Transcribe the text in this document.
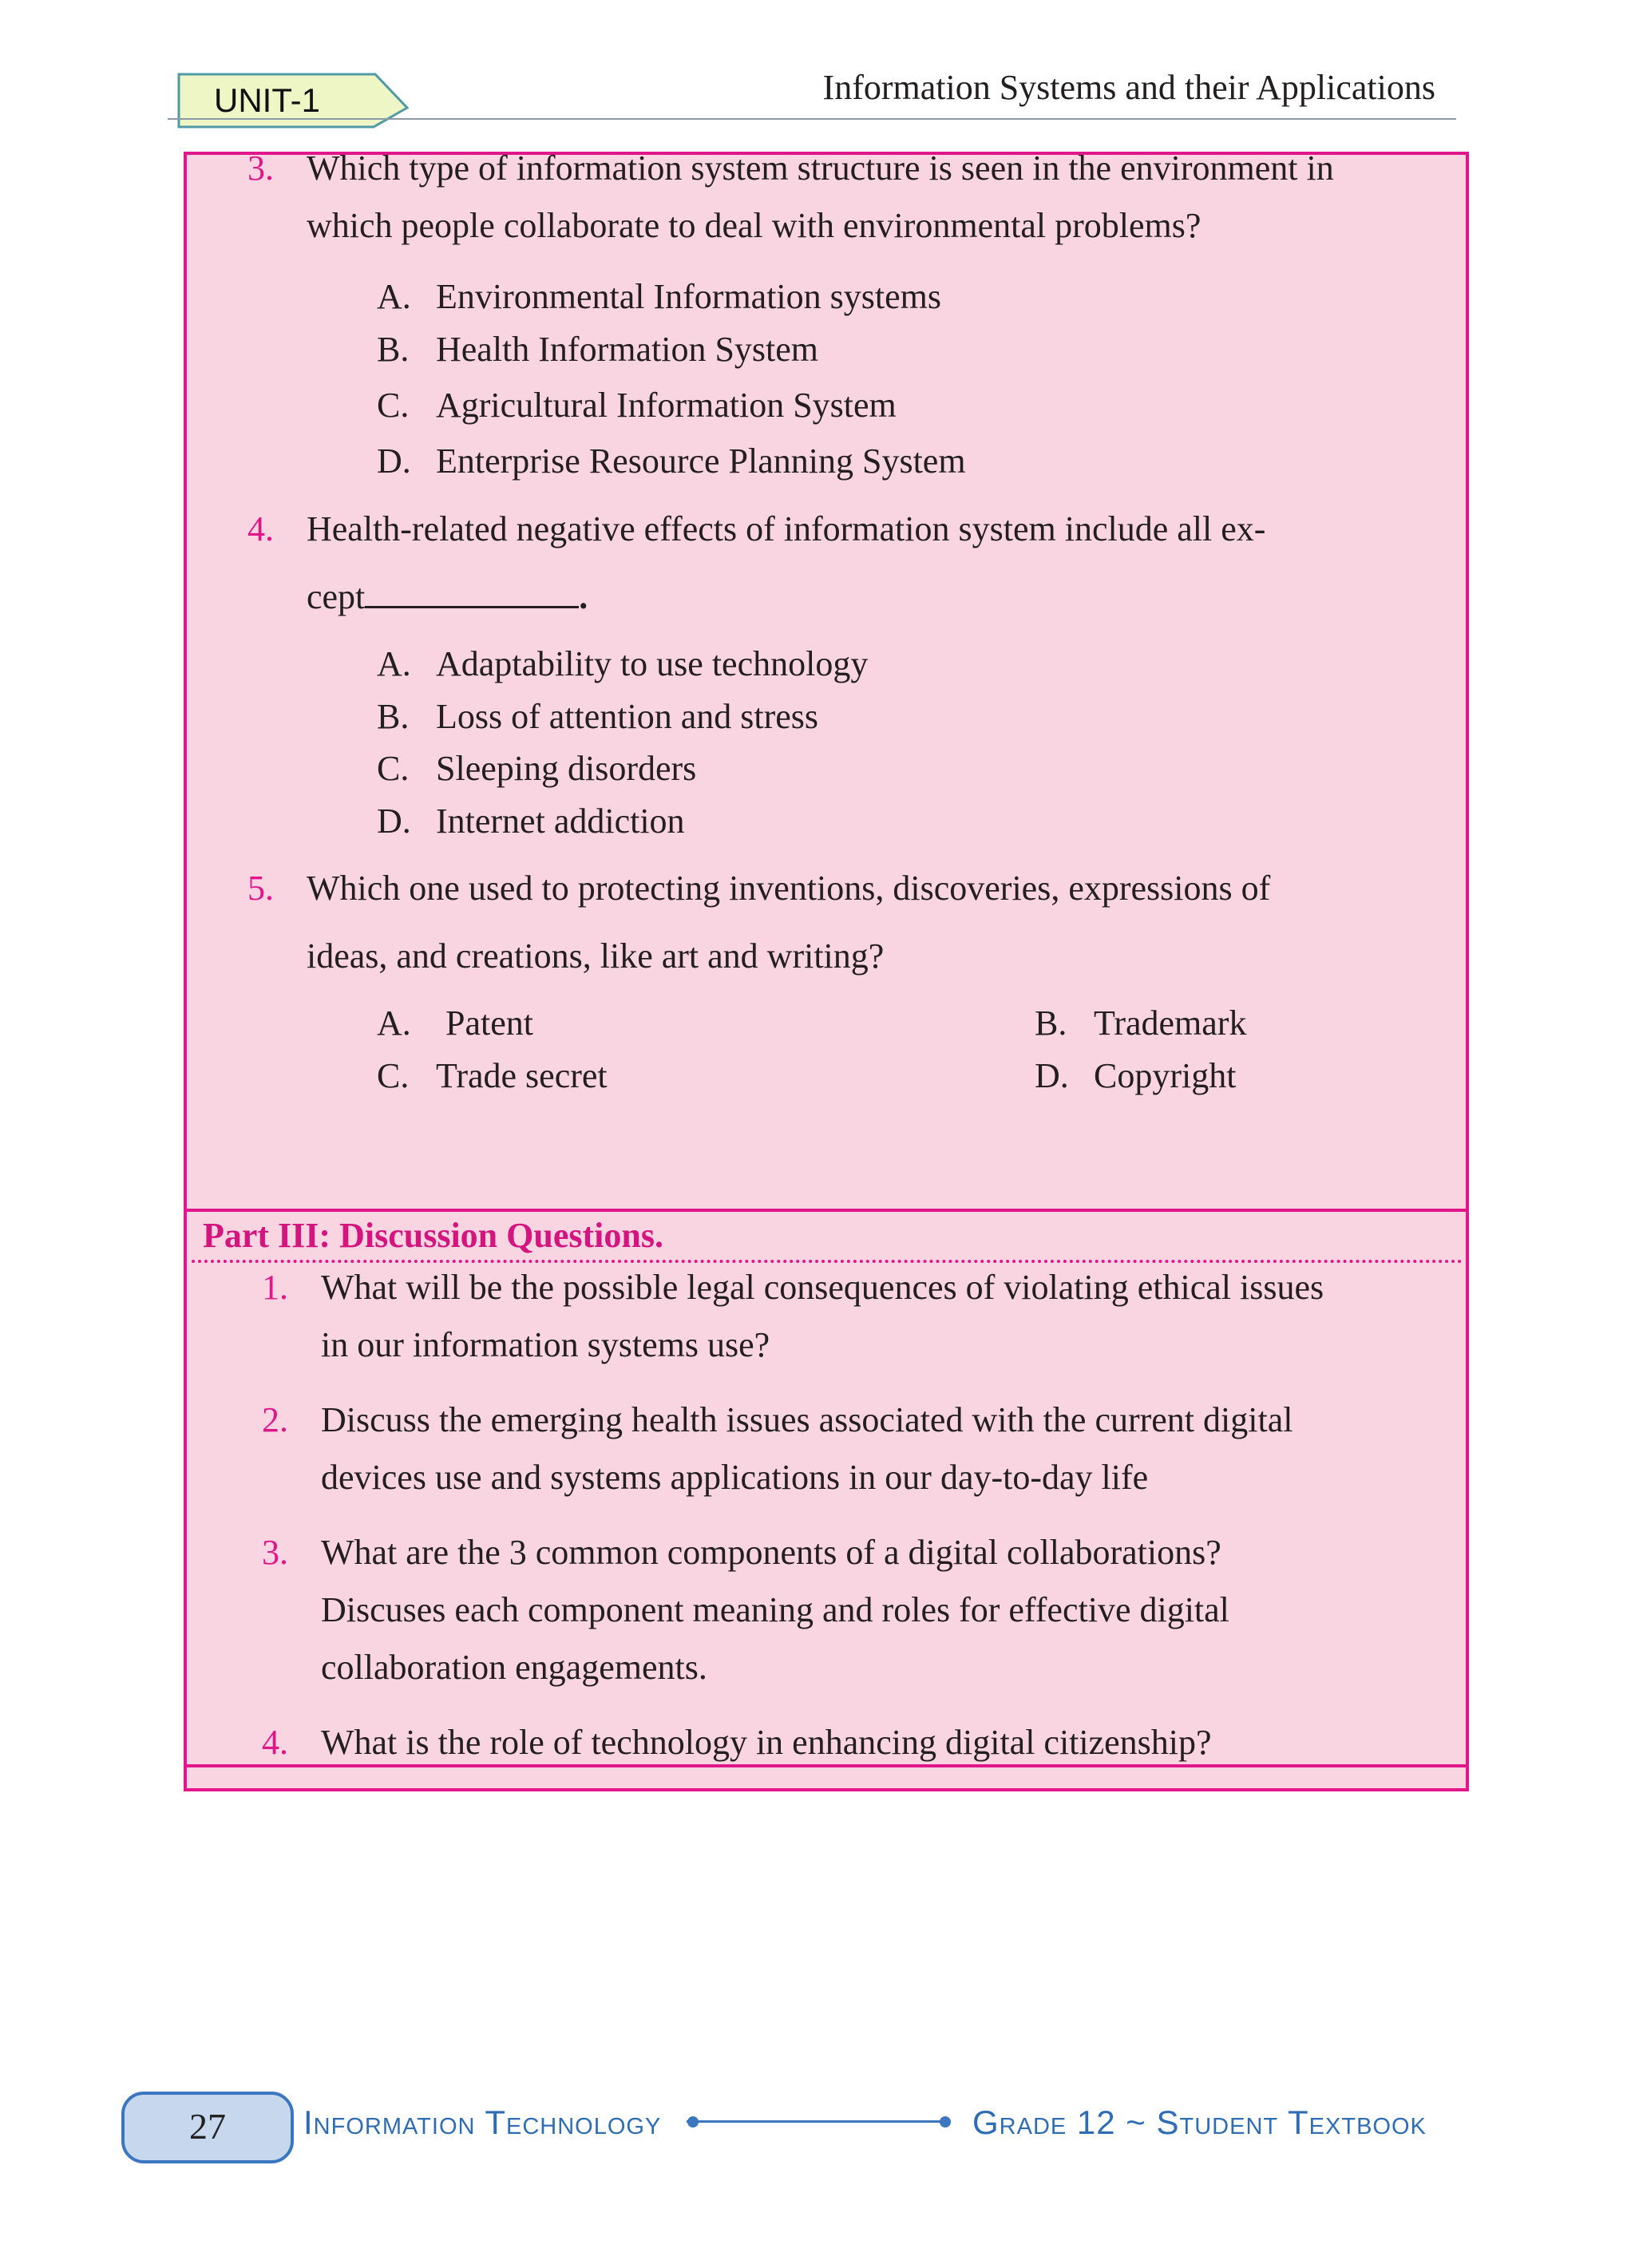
UNIT-1	Information Systems and their Applications
3. Which type of information system structure is seen in the environment in
which people collaborate to deal with environmental problems?
A. Environmental Information systems
B. Health Information System
C. Agricultural Information System
D. Enterprise Resource Planning System
4. Health-related negative effects of information system include all ex-
cept	.
A. Adaptability to use technology
B. Loss of attention and stress
C. Sleeping disorders
D. Internet addiction
5. Which one used to protecting inventions, discoveries, expressions of
ideas, and creations, like art and writing?
A. Patent	B. Trademark
C. Trade secret	D. Copyright
Part III: Discussion Questions.
1. What will be the possible legal consequences of violating ethical issues
in our information systems use?
2. Discuss the emerging health issues associated with the current digital
devices use and systems applications in our day-to-day life
3. What are the 3 common components of a digital collaborations?
Discuses each component meaning and roles for effective digital
collaboration engagements.
4. What is the role of technology in enhancing digital citizenship?
27	Information Technology	Grade 12 ~ Student Textbook
